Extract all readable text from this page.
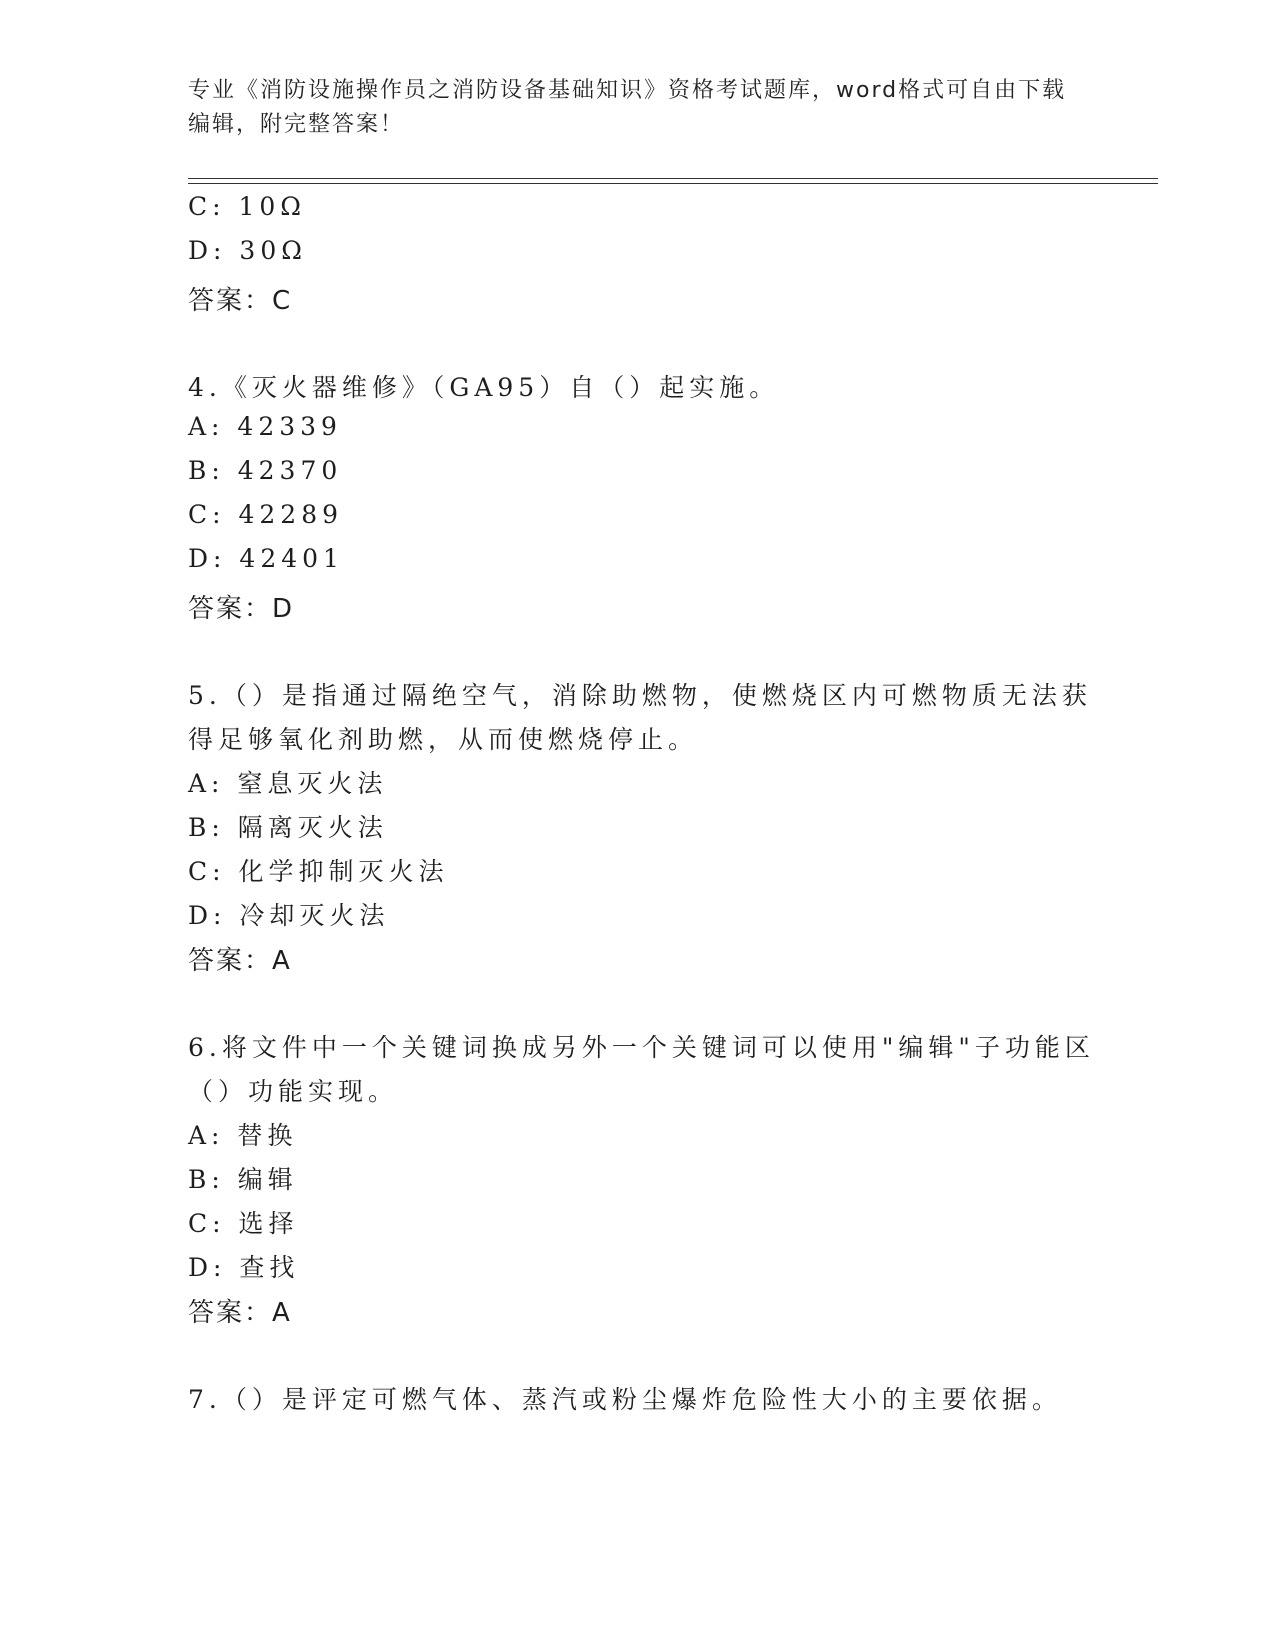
专业《消防设施操作员之消防设备基础知识》资格考试题库，word格式可自由下载编辑，附完整答案！
C: 10Ω
D: 30Ω
答案：C
4.《灭火器维修》（GA95）自（）起实施。
A: 42339
B: 42370
C: 42289
D: 42401
答案：D
5.（）是指通过隔绝空气，消除助燃物，使燃烧区内可燃物质无法获
得足够氧化剂助燃，从而使燃烧停止。
A: 窒息灭火法
B: 隔离灭火法
C: 化学抑制灭火法
D: 冷却灭火法
答案：A
6.将文件中一个关键词换成另外一个关键词可以使用"编辑"子功能区
（）功能实现。
A: 替换
B: 编辑
C: 选择
D: 查找
答案：A
7.（）是评定可燃气体、蒸汽或粉尘爆炸危险性大小的主要依据。
